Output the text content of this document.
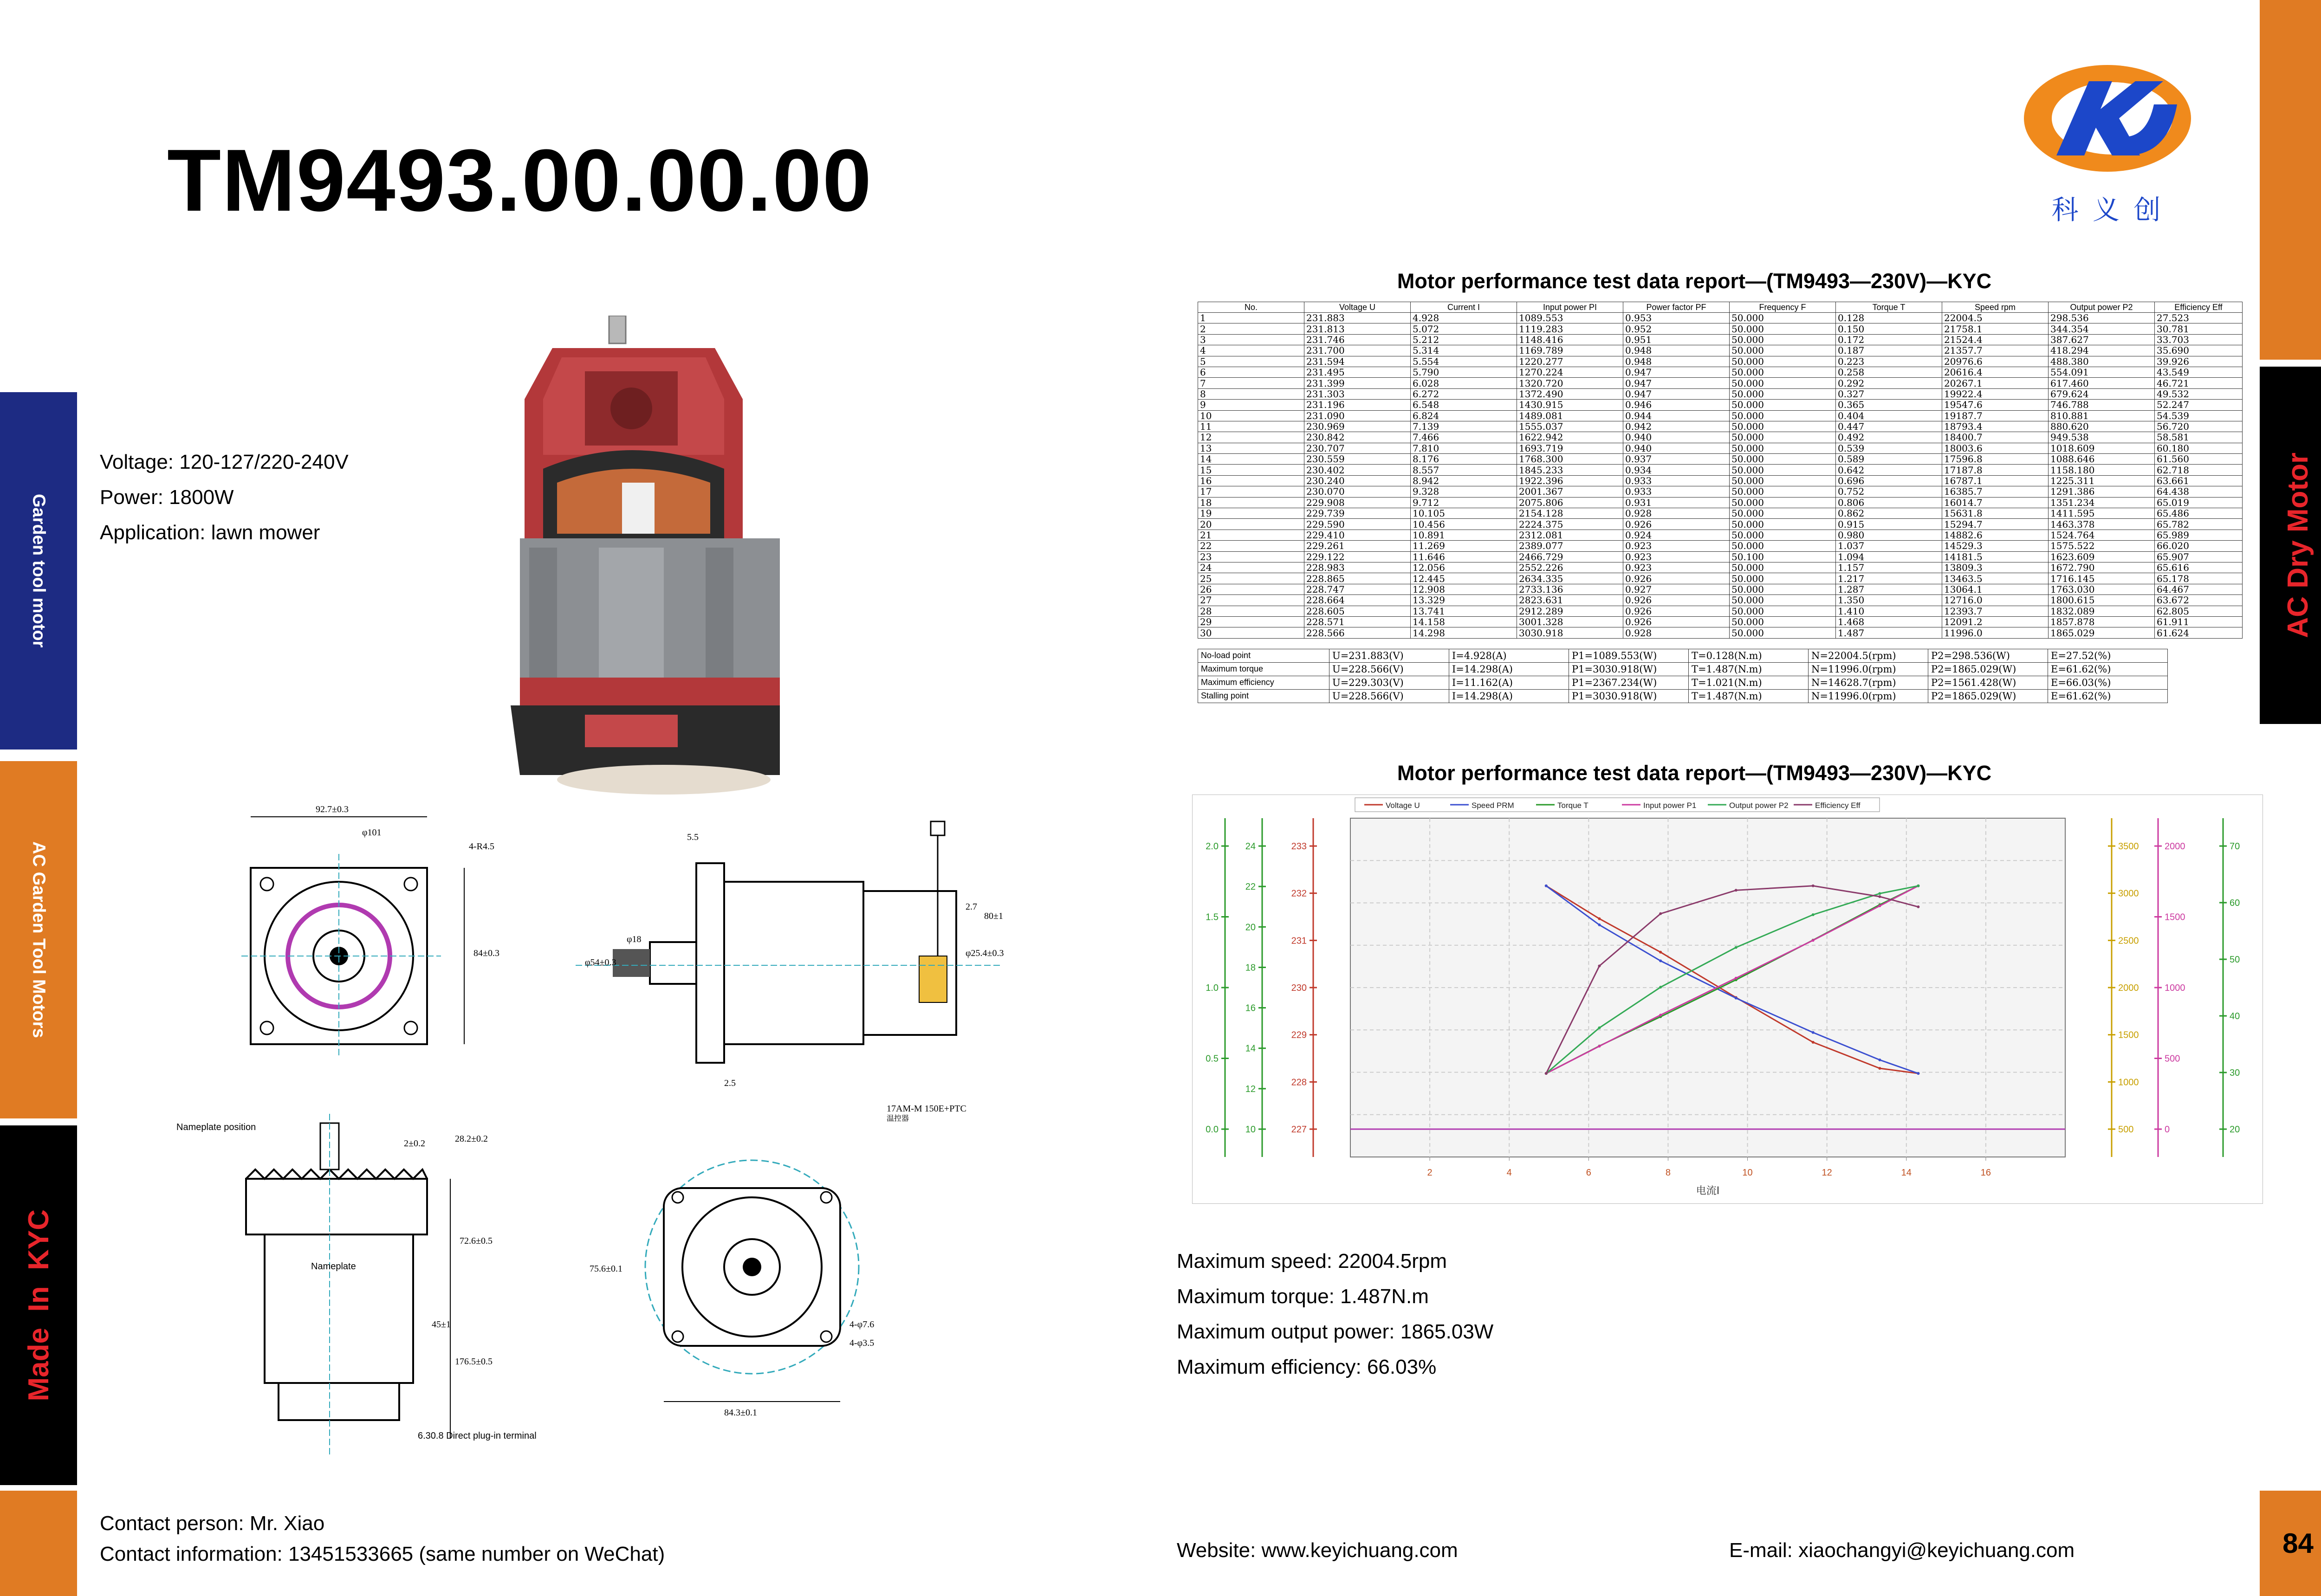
Garden tool motor
AC Garden Tool Motors
Made  In  KYC
AC Dry Motor
84
TM9493.00.00.00	科 义 创
Voltage: 120-127/220-240V
Power: 1800W
Application: lawn mower
92.7±0.3
φ101
4-R4.5
84±0.3
80±1
φ25.4±0.3
φ54±0.3
φ18
5.5
2.7
2.5
17AM-M 150E+PTC
温控器
Nameplate position
Nameplate
6.30.8 Direct plug-in terminal
2±0.2	28.2±0.2
72.6±0.5
45±1
176.5±0.5
84.3±0.1
75.6±0.1
4-φ7.6
4-φ3.5
Motor performance test data report—(TM9493—230V)—KYC
No.	Voltage U	Current I	Input power PI	Power factor PF	Frequency F	Torque T	Speed rpm	Output power P2	Efficiency Eff
1	231.883	4.928	1089.553	0.953	50.000	0.128	22004.5	298.536	27.523
2	231.813	5.072	1119.283	0.952	50.000	0.150	21758.1	344.354	30.781
3	231.746	5.212	1148.416	0.951	50.000	0.172	21524.4	387.627	33.703
4	231.700	5.314	1169.789	0.948	50.000	0.187	21357.7	418.294	35.690
5	231.594	5.554	1220.277	0.948	50.000	0.223	20976.6	488.380	39.926
6	231.495	5.790	1270.224	0.947	50.000	0.258	20616.4	554.091	43.549
7	231.399	6.028	1320.720	0.947	50.000	0.292	20267.1	617.460	46.721
8	231.303	6.272	1372.490	0.947	50.000	0.327	19922.4	679.624	49.532
9	231.196	6.548	1430.915	0.946	50.000	0.365	19547.6	746.788	52.247
10	231.090	6.824	1489.081	0.944	50.000	0.404	19187.7	810.881	54.539
11	230.969	7.139	1555.037	0.942	50.000	0.447	18793.4	880.620	56.720
12	230.842	7.466	1622.942	0.940	50.000	0.492	18400.7	949.538	58.581
13	230.707	7.810	1693.719	0.940	50.000	0.539	18003.6	1018.609	60.180
14	230.559	8.176	1768.300	0.937	50.000	0.589	17596.8	1088.646	61.560
15	230.402	8.557	1845.233	0.934	50.000	0.642	17187.8	1158.180	62.718
16	230.240	8.942	1922.396	0.933	50.000	0.696	16787.1	1225.311	63.661
17	230.070	9.328	2001.367	0.933	50.000	0.752	16385.7	1291.386	64.438
18	229.908	9.712	2075.806	0.931	50.000	0.806	16014.7	1351.234	65.019
19	229.739	10.105	2154.128	0.928	50.000	0.862	15631.8	1411.595	65.486
20	229.590	10.456	2224.375	0.926	50.000	0.915	15294.7	1463.378	65.782
21	229.410	10.891	2312.081	0.924	50.000	0.980	14882.6	1524.764	65.989
22	229.261	11.269	2389.077	0.923	50.000	1.037	14529.3	1575.522	66.020
23	229.122	11.646	2466.729	0.923	50.100	1.094	14181.5	1623.609	65.907
24	228.983	12.056	2552.226	0.923	50.000	1.157	13809.3	1672.790	65.616
25	228.865	12.445	2634.335	0.926	50.000	1.217	13463.5	1716.145	65.178
26	228.747	12.908	2733.136	0.927	50.000	1.287	13064.1	1763.030	64.467
27	228.664	13.329	2823.631	0.926	50.000	1.350	12716.0	1800.615	63.672
28	228.605	13.741	2912.289	0.926	50.000	1.410	12393.7	1832.089	62.805
29	228.571	14.158	3001.328	0.926	50.000	1.468	12091.2	1857.878	61.911
30	228.566	14.298	3030.918	0.928	50.000	1.487	11996.0	1865.029	61.624
No-load point	U=231.883(V)	I=4.928(A)	P1=1089.553(W)	T=0.128(N.m)	N=22004.5(rpm)	P2=298.536(W)	E=27.52(%)
Maximum torque	U=228.566(V)	I=14.298(A)	P1=3030.918(W)	T=1.487(N.m)	N=11996.0(rpm)	P2=1865.029(W)	E=61.62(%)
Maximum efficiency	U=229.303(V)	I=11.162(A)	P1=2367.234(W)	T=1.021(N.m)	N=14628.7(rpm)	P2=1561.428(W)	E=66.03(%)
Stalling point	U=228.566(V)	I=14.298(A)	P1=3030.918(W)	T=1.487(N.m)	N=11996.0(rpm)	P2=1865.029(W)	E=61.62(%)
Motor performance test data report—(TM9493—230V)—KYC
2	4	6	8	10	12	14	16
电流I
0.0
0.5
1.0
1.5
2.0
10
12
14
16
18
20
22
24
227
228
229
230
231
232
233
500
1000
1500
2000
2500
3000
3500
0
500
1000
1500
2000
20
30
40
50
60
70
Voltage U	Speed PRM	Torque T	Input power P1	Output power P2	Efficiency Eff
Maximum speed: 22004.5rpm
Maximum torque: 1.487N.m
Maximum output power: 1865.03W
Maximum efficiency: 66.03%
Contact person: Mr. Xiao
Contact information: 13451533665 (same number on WeChat)	Website: www.keyichuang.com	E-mail: xiaochangyi@keyichuang.com
